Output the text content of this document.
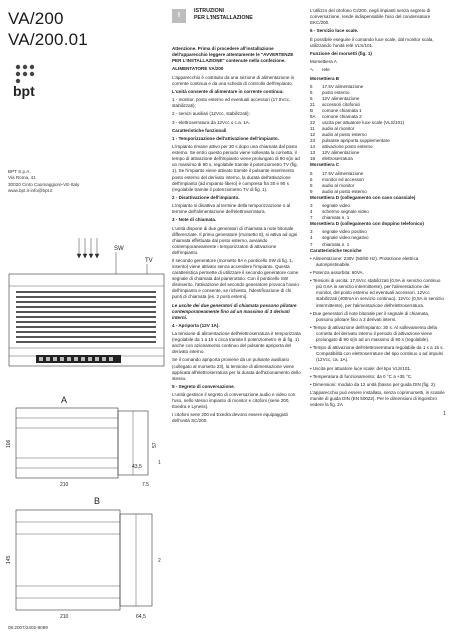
VA/200
VA/200.01
bpt
BPT S.p.A.
Via Roma, 41
30020 Cinto Caomaggiore-VE-Italy
www.bpt.it-info@bpt.it
SW
TV
A
106	57
210
43,5
7,5
1
B
145
210	64,5
2
08.2007/2402-8089
I
ISTRUZIONI
PER L'INSTALLAZIONE

Attenzione. Prima di procedere all'installazione dell'apparecchio leggere attentamente le "AVVERTENZE PER L'INSTALLAZIONE" contenute nella confezione.

ALIMENTATORE VA/200

L'apparecchio è costituito da una sezione di alimentazione in corrente continua e da una scheda di controllo dell'impianto.

L'unità consente di alimentare in corrente continua:

1 - monitor, posto esterno ed eventuali accessori (17.5Vcc, stabilizzati);

2 - servizi ausiliari (12Vcc, stabilizzati);

3 - elettroserratura da 12Vcc o c.a. 1A.

Caratteristiche funzionali

1 - Temporizzazione dell'attivazione dell'impianto.

L'impianto rimane attivo per 30 s dopo una chiamata dal posto esterno. Se entro questo periodo viene sollevata la cornetta, il tempo di attivazione dell'impianto viene prolungato di 90 s(in ad un massimo di 90 s, regolabile tramite il potenziometro TV (fig. 1). Se l'impianto viene attivato tramite il pulsante inserimento posto esterno del derivato interno, la durata dell'attivazione dell'impianto (ad impianto libero) è compresa fra 30 e 90 s (regolabile tramite il potenziometro TV di fig. 1).

2 - Disattivazione dell'impianto.

L'impianto si disattiva al termine della temporizzazione o al termine dell'alimentazione dell'elettroserratura.

3 - Note di chiamata.

L'unità dispone di due generatori di chiamata a note bitonale differenziate. Il primo generatore (morsetto 8), si attiva ad ogni chiamata effettuata dal posto esterno, avviando contemporaneamente i temporizzatori di attivazione dell'impianto.

Il secondo generatore (morsetto 8A e ponticello SW di fig. 1, inserito) viene attivato senza accendere l'impianto. Questa caratteristica permette di utilizzare il secondo generatore come segnale di chiamata dal pianerottolo. Con il ponticello SW disinserito, l'attivazione del secondo generatore provoca l'avvio dell'impianto e consente, se richiesto, l'identificazione di chi punti di chiamata (es. 2 posti esterni).

Le uscite dei due generatori di chiamata possono pilotare contemporaneamente fino ad un massimo di 3 derivati interni.

4 - Apriporta (12V 1A).

La tensione di alimentazione dell'elettroserratura è temporizzata (regolabile da 1 a 15 s circa tramite il potenziometro ⊖ di fig. 1) anche con azionamento continuo del pulsante apriporta del derivato interno.

Se il comando apriporta proviene da un pulsante ausiliario (collegato al morsetto 23), la tensione di alimentazione viene applicata all'elettroserratura per la durata dell'azionamento dello stesso.

5 - Segreto di conversazione.

L'unità gestisce il segreto di conversazione audio e video con l'uso, nello stesso impianto di monitor e citofoni (serie 200, Exedra e Lyness).

I citofoni serie 200 ed Exedra devono essere equipaggiati dell'unità SC/200.

L'utilizzo del citofono CI/200, negli impianti senza segreto di conversazione, rende indispensabile l'uso del condensatore EKC/200.

6 - Servizio luce scale.

È possibile eseguire il comando luce scale, dal monitor scala, utilizzando l'unità relè VLS/101.

Funzione dei morsetti (fig. 1)

Morsettiera A

∿	rete

Morsettiera B

5	17.5V alimentazione
6	posto esterno
5	12V alimentazione
21	accessori citofonici
B	comune chiamata 1
8A	comune chiamata 2
22	uscita per attuatore luce scale (VLS/101)
11	audio al monitor
12	audio al posto esterno
23	pulsante apriporta supplementare
14	attivazione posto esterno
13	12V alimentazione
18	elettroserratura

Morsettiera C

5	17.5V alimentazione
6	monitor ed accessori
8	audio al monitor
9	audio al posto esterno

Morsettiera D (collegamento con cavo coassiale)

3	segnale video
4	schermo segnale video
7	chiamata n. 1

Morsettiera D (collegamento con doppino telefonico)

3	segnale video positivo
4	segnale video negativo
7	chiamata n. 1

Caratteristiche tecniche

• Alimentazione: 230V (50/60 Hz). Protezione elettrica autoripristinabile.

• Potenza assorbita: 60VA.

• Tensioni di uscita: 17,5Vcc stabilizzati (0,9A in servizio continuo più 0,6A in servizio intermittente), per l'alimentazione dei monitor, del posto esterno ed eventuali accessori. 12Vcc stabilizzati (400mA in servizio continuo). 12Vcc (0,5A in servizio intermittente), per l'alimentazione dell'elettroserratura.

• Due generatori di note bitonale per il segnale di chiamata, possono pilotare fino a 3 derivati interni.

• Tempo di attivazione dell'impianto: 30 s. Al sollevamento della cornetta del derivato interno il periodo di attivazione viene prolungato di 90 s(in ad un massimo di 90 s (regolabile).

• Tempo di attivazione dell'elettroserratura regolabile da 1 s a 15 s. Compatibilità con elettroserrature del tipo continuo o ad impulsi (12Vcc, ca. 1A).

• Uscita per attuatore luce scale: del tipo VLS/101.

• Temperatura di funzionamento: da 0 °C a +35 °C.

• Dimensioni: modulo da 12 unità (basso per guida DIN (fig. 2).

L'apparecchio può essere installato, senza coprimorsetti, in scatole munite di guida DIN (EN 50022). Per le dimensioni di ingombro vedere la fig. 2A

1
